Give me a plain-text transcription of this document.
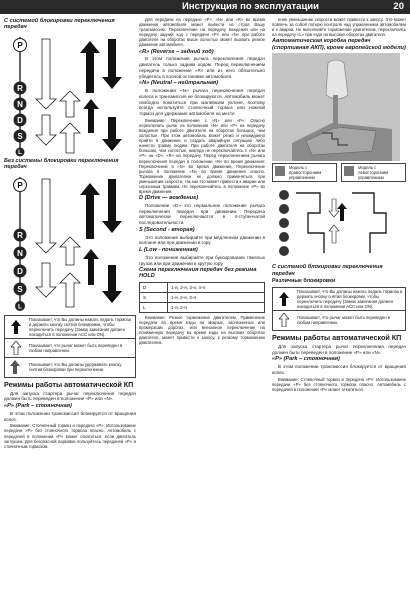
Инструкция по эксплуатации	20
С системой блокировки переключения передач
P
R
N
D
S
L
Без системы блокировки переключения передач
P
R
N
D
S
L
Показывает, что Вы должны нажать педаль тормоза и держать кнопку снятия блокировки, чтобы переключить передачу (Замок зажигания должен находиться в положении ACC или ON).
Показывает, что рычаг может быть переведен в любом направлении.
Показывает, что Вы должны удерживать кнопку снятия блокировки при переключении.
Режимы работы автоматической КП
Для запуска стартера рычаг переключения передач должен быть переведен в положение «P» или «N».
«P» (Park – стояночная)
В этом положении трансмиссия блокируется от вращения колес.
Внимание: Стояночный тормоз и передача «P»: Использование передачи «P» без стояночного тормоза опасно. Автомобиль с передачей в положении «P» может откатиться, если двигатель заглушен. Для безопасной парковки пользуйтесь передачей «P» и стояночным тормозом.
Для передачи на передаче «P», «N» или «R» во время движения автомобиля может вывести из строя Вашу трансмиссию. Переключение на передачу вождения или на передачу задний ход с передачи «P» или «N» при работе двигателя на оборотах выше холостых может вызвать резкое движение автомобиля.
«R» (Reverse – задний ход)
В этом положении рычага переключения передач двигатель только задним ходом. Перед переключением передачи в положение «R» или из него обязательно убедитесь в полной остановке автомобиля.
«N» (Neutral – нейтральная)
В положении «N» рычага переключения передач колеса и трансмиссия не блокируются. Автомобиль может свободно покатиться при малейшем уклоне, поэтому всегда используйте стояночный тормоз или ножной тормоз для удержания автомобиля на месте.
Внимание: Переключение с «N» или «P»: Опасно переключать рычаг из положения «N» или «P» на передачу вождения при работе двигателя на оборотах больших, чем холостые. При этом автомобиль может резко и неожиданно прийти в движение и создать аварийную ситуацию либо нанести травму людям. При работе двигателя на оборотах больших, чем холостые, никогда не переключайтесь с «N» или «P» на «D», «R» на передачу. Перед переключением рычага переключения передач в положение «N» во время движения: Переключение в «N» во время движения, Переключение рычага в положение «N» во время движения опасно. Торможение двигателем не должно применяться при уменьшении скорости, так как это может привести к аварии или серьезным травмам. Не переключайтесь в положение «P» во время движения.
D (Drive — вождение)
Положение «D» это нормальное положение рычага переключения передач при движении. Передача автоматически переключаются в 4-ступенчатой последовательности.
S (Second - вторая)
Это положение выбирайте при медленном движении в колонне или при движении в гору.
L (Low - пониженная)
Это положение выбирайте при буксировании тяжелых грузов или при движении в крутую гору.
Схема переключения передач без режима HOLD
D	1-я, 2-я, 3-я, 4-я
S	1-я, 2-я, 3-я
L	1-я, 2-я
Внимание: Резкое торможение двигателем. Применение передачи во время езды на мокрых, заснеженных или промерзших дорогах, или внезапное переключение на пониженную передачу во время езды на высоких оборотах двигателя, может привести к заносу, к резкому торможению двигателем.
ение уменьшение скорости может привести к заносу. Это может повлечь за собой потерю контроля над управлением автомобилем и к аварии. Не выполняйте торможение двигателем, переключаясь на передачу «L» при езде на высоких оборотах двигателя.
Автоматическая коробка передач (спортивная АКП), кроме европейской модели)
Модель с правосторонним управлением
Модель с левосторонним управлением
С системой блокировки переключения передач
Различные блокировки
Показывает, что Вы должны нажать педаль тормоза и держать кнопку снятия блокировки, чтобы переключить передачу (Замок зажигания должен находиться в положении ACC или ON).
Показывает, что рычаг может быть переведен в любом направлении.
Режимы работы автоматической КП
Для запуска стартера рычаг переключения передач должен быть переведен в положение «P» или «N».
«P» (Park – стояночная)
В этом положении трансмиссия блокируется от вращения колес.
Внимание: Стояночный тормоз и передача «P»: Использование передачи «P» без стояночного тормоза опасно. Автомобиль с передачей в положении «P» может откатиться.
